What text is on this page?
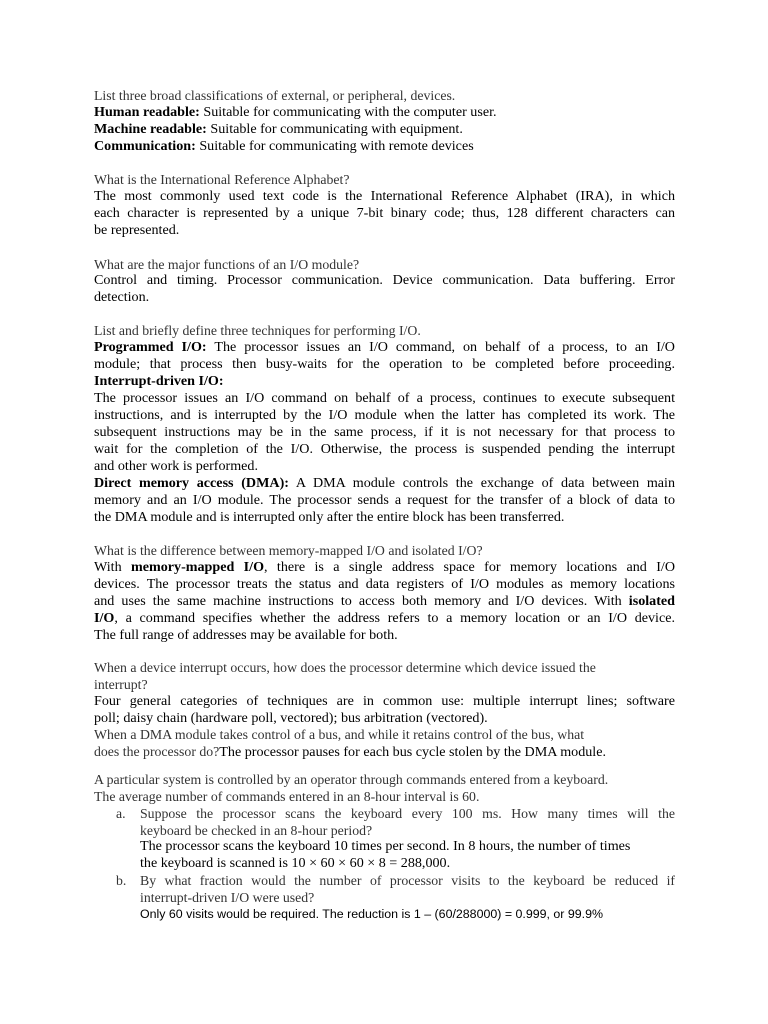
List three broad classifications of external, or peripheral, devices.
Human readable: Suitable for communicating with the computer user.
Machine readable: Suitable for communicating with equipment.
Communication: Suitable for communicating with remote devices
What is the International Reference Alphabet?
The most commonly used text code is the International Reference Alphabet (IRA), in which
each character is represented by a unique 7-bit binary code; thus, 128 different characters can
be represented.
What are the major functions of an I/O module?
Control and timing. Processor communication. Device communication. Data buffering. Error
detection.
List and briefly define three techniques for performing I/O.
Programmed I/O: The processor issues an I/O command, on behalf of a process, to an I/O
module; that process then busy-waits for the operation to be completed before proceeding.
Interrupt-driven I/O:
The processor issues an I/O command on behalf of a process, continues to execute subsequent
instructions, and is interrupted by the I/O module when the latter has completed its work. The
subsequent instructions may be in the same process, if it is not necessary for that process to
wait for the completion of the I/O. Otherwise, the process is suspended pending the interrupt
and other work is performed.
Direct memory access (DMA): A DMA module controls the exchange of data between main
memory and an I/O module. The processor sends a request for the transfer of a block of data to
the DMA module and is interrupted only after the entire block has been transferred.
What is the difference between memory-mapped I/O and isolated I/O?
With memory-mapped I/O, there is a single address space for memory locations and I/O
devices. The processor treats the status and data registers of I/O modules as memory locations
and uses the same machine instructions to access both memory and I/O devices. With isolated
I/O, a command specifies whether the address refers to a memory location or an I/O device.
The full range of addresses may be available for both.
When a device interrupt occurs, how does the processor determine which device issued the
interrupt?
Four general categories of techniques are in common use: multiple interrupt lines; software
poll; daisy chain (hardware poll, vectored); bus arbitration (vectored).
When a DMA module takes control of a bus, and while it retains control of the bus, what
does the processor do?The processor pauses for each bus cycle stolen by the DMA module.
A particular system is controlled by an operator through commands entered from a keyboard.
The average number of commands entered in an 8-hour interval is 60.
a. Suppose the processor scans the keyboard every 100 ms. How many times will the
keyboard be checked in an 8-hour period?
The processor scans the keyboard 10 times per second. In 8 hours, the number of times
the keyboard is scanned is 10 × 60 × 60 × 8 = 288,000.
b. By what fraction would the number of processor visits to the keyboard be reduced if
interrupt-driven I/O were used?
Only 60 visits would be required. The reduction is 1 – (60/288000) = 0.999, or 99.9%
